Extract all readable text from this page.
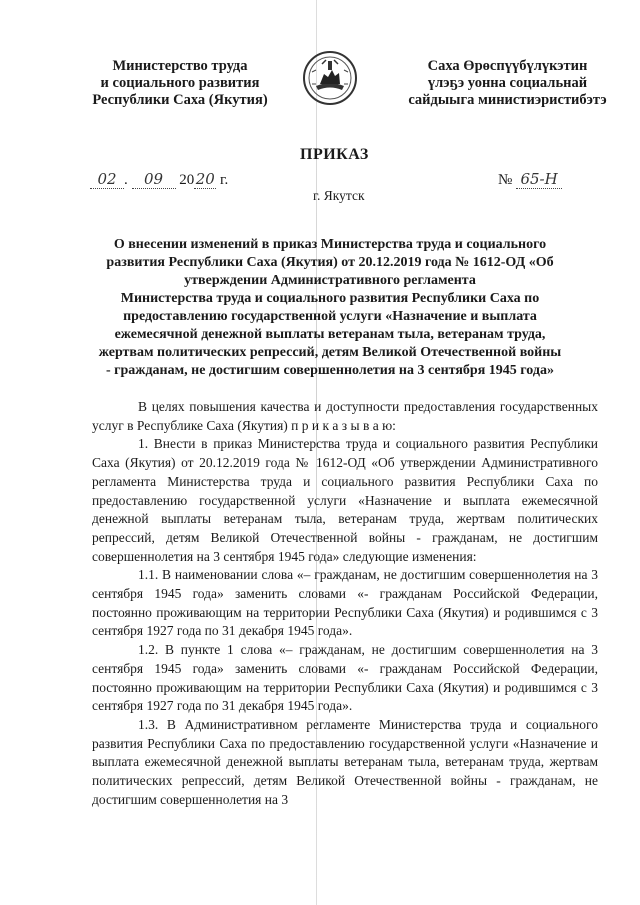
Министерство труда
и социального развития
Республики Саха (Якутия)
Саха Өрөспүүбүлүкэтин
үлэҕэ уонна социальнай
сайдыыга министиэристибэтэ
ПРИКАЗ
02 . 09 2020 г.	№ 65-Н
г. Якутск
О внесении изменений в приказ Министерства труда и социального
развития Республики Саха (Якутия) от 20.12.2019 года № 1612-ОД «Об
утверждении Административного регламента
Министерства труда и социального развития Республики Саха по
предоставлению государственной услуги «Назначение и выплата
ежемесячной денежной выплаты ветеранам тыла, ветеранам труда,
жертвам политических репрессий, детям Великой Отечественной войны
- гражданам, не достигшим совершеннолетия на 3 сентября 1945 года»

В целях повышения качества и доступности предоставления государственных услуг в Республике Саха (Якутия) п р и к а з ы в а ю:

1. Внести в приказ Министерства труда и социального развития Республики Саха (Якутия) от 20.12.2019 года № 1612-ОД «Об утверждении Административного регламента Министерства труда и социального развития Республики Саха по предоставлению государственной услуги «Назначение и выплата ежемесячной денежной выплаты ветеранам тыла, ветеранам труда, жертвам политических репрессий, детям Великой Отечественной войны - гражданам, не достигшим совершеннолетия на 3 сентября 1945 года» следующие изменения:

1.1. В наименовании слова «– гражданам, не достигшим совершеннолетия на 3 сентября 1945 года» заменить словами «- гражданам Российской Федерации, постоянно проживающим на территории Республики Саха (Якутия) и родившимся с 3 сентября 1927 года по 31 декабря 1945 года».

1.2. В пункте 1 слова «– гражданам, не достигшим совершеннолетия на 3 сентября 1945 года» заменить словами «- гражданам Российской Федерации, постоянно проживающим на территории Республики Саха (Якутия) и родившимся с 3 сентября 1927 года по 31 декабря 1945 года».

1.3. В Административном регламенте Министерства труда и социального развития Республики Саха по предоставлению государственной услуги «Назначение и выплата ежемесячной денежной выплаты ветеранам тыла, ветеранам труда, жертвам политических репрессий, детям Великой Отечественной войны - гражданам, не достигшим совершеннолетия на 3
